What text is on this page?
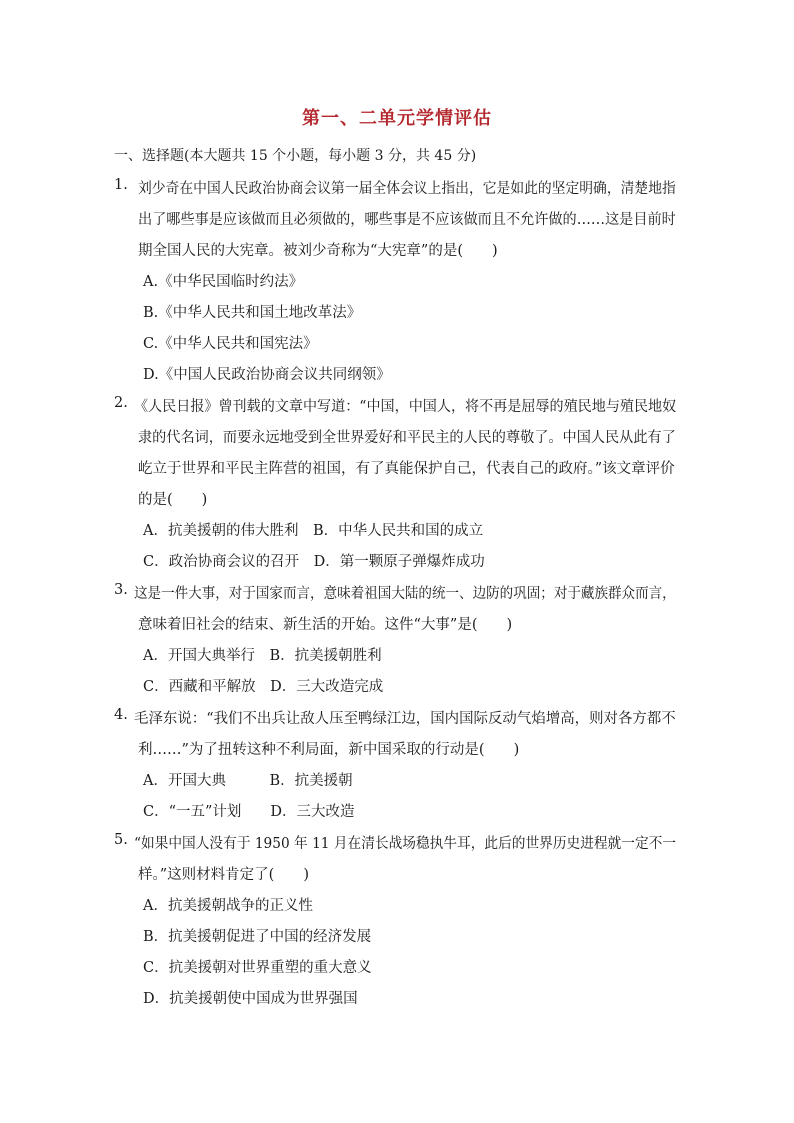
第一、二单元学情评估
一、选择题(本大题共 15 个小题，每小题 3 分，共 45 分)
1. 刘少奇在中国人民政治协商会议第一届全体会议上指出，它是如此的坚定明确，清楚地指
出了哪些事是应该做而且必须做的，哪些事是不应该做而且不允许做的……这是目前时
期全国人民的大宪章。被刘少奇称为“大宪章”的是(　　)
A.《中华民国临时约法》
B.《中华人民共和国土地改革法》
C.《中华人民共和国宪法》
D.《中国人民政治协商会议共同纲领》
2. 《人民日报》曾刊载的文章中写道：“中国，中国人，将不再是屈辱的殖民地与殖民地奴
隶的代名词，而要永远地受到全世界爱好和平民主的人民的尊敬了。中国人民从此有了
屹立于世界和平民主阵营的祖国，有了真能保护自己，代表自己的政府。”该文章评价
的是(　　)
A．抗美援朝的伟大胜利　B．中华人民共和国的成立
C．政治协商会议的召开　D．第一颗原子弹爆炸成功
3. 这是一件大事，对于国家而言，意味着祖国大陆的统一、边防的巩固；对于藏族群众而言，
意味着旧社会的结束、新生活的开始。这件“大事”是(　　)
A．开国大典举行　B．抗美援朝胜利
C．西藏和平解放　D．三大改造完成
4. 毛泽东说：“我们不出兵让敌人压至鸭绿江边，国内国际反动气焰增高，则对各方都不
利……”为了扭转这种不利局面，新中国采取的行动是(　　)
A．开国大典　　　B．抗美援朝
C．“一五”计划　　D．三大改造
5. “如果中国人没有于 1950 年 11 月在清长战场稳执牛耳，此后的世界历史进程就一定不一
样。”这则材料肯定了(　　)
A．抗美援朝战争的正义性
B．抗美援朝促进了中国的经济发展
C．抗美援朝对世界重塑的重大意义
D．抗美援朝使中国成为世界强国
